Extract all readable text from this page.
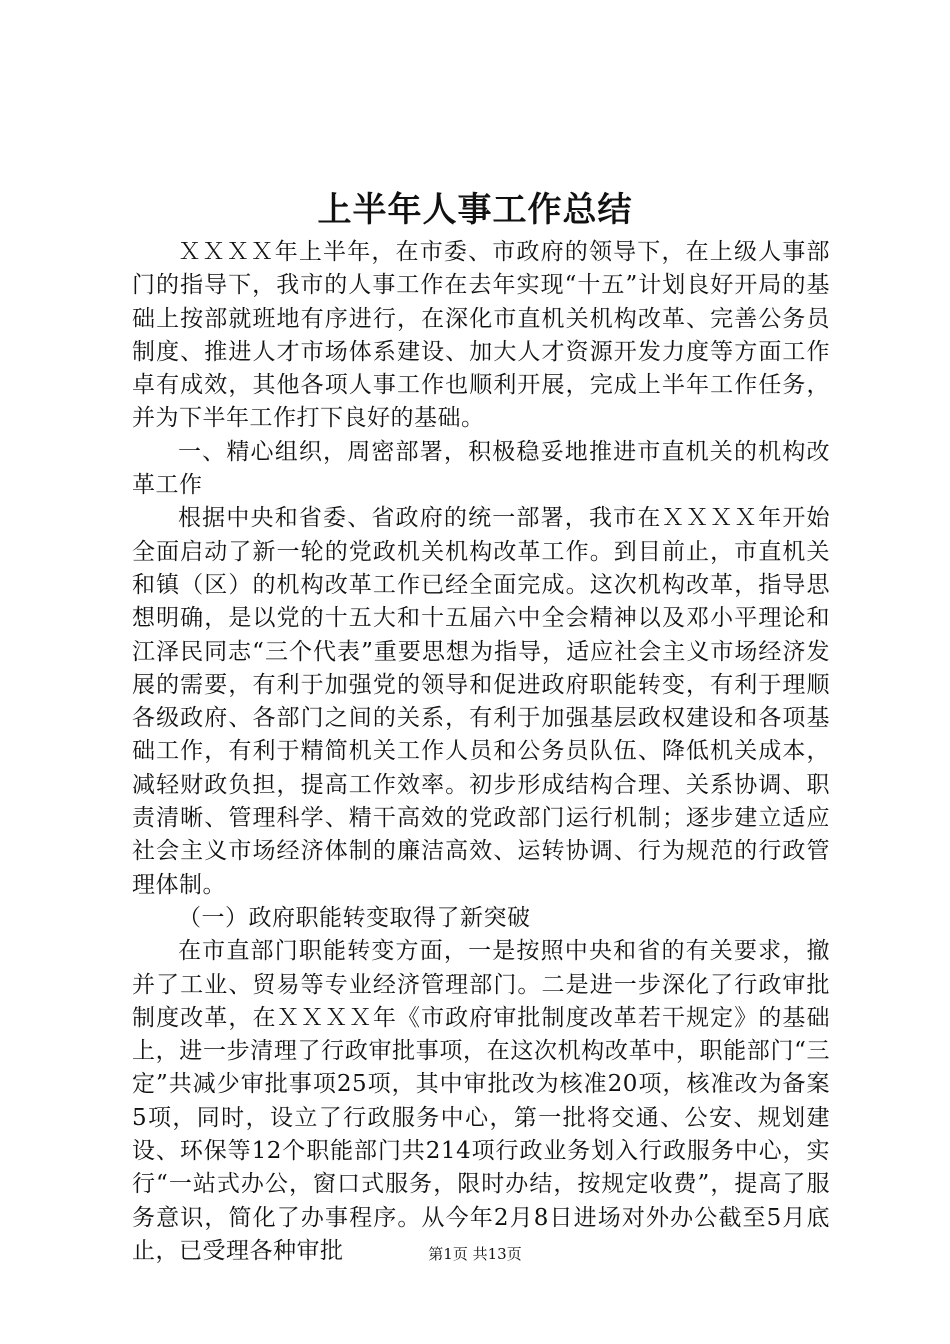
上半年人事工作总结

ＸＸＸＸ年上半年，在市委、市政府的领导下，在上级人事部门的指导下，我市的人事工作在去年实现“十五”计划良好开局的基础上按部就班地有序进行，在深化市直机关机构改革、完善公务员制度、推进人才市场体系建设、加大人才资源开发力度等方面工作卓有成效，其他各项人事工作也顺利开展，完成上半年工作任务，并为下半年工作打下良好的基础。

一、精心组织，周密部署，积极稳妥地推进市直机关的机构改革工作

根据中央和省委、省政府的统一部署，我市在ＸＸＸＸ年开始全面启动了新一轮的党政机关机构改革工作。到目前止，市直机关和镇（区）的机构改革工作已经全面完成。这次机构改革，指导思想明确，是以党的十五大和十五届六中全会精神以及邓小平理论和江泽民同志“三个代表”重要思想为指导，适应社会主义市场经济发展的需要，有利于加强党的领导和促进政府职能转变，有利于理顺各级政府、各部门之间的关系，有利于加强基层政权建设和各项基础工作，有利于精简机关工作人员和公务员队伍、降低机关成本，减轻财政负担，提高工作效率。初步形成结构合理、关系协调、职责清晰、管理科学、精干高效的党政部门运行机制；逐步建立适应社会主义市场经济体制的廉洁高效、运转协调、行为规范的行政管理体制。

（一）政府职能转变取得了新突破

在市直部门职能转变方面，一是按照中央和省的有关要求，撤并了工业、贸易等专业经济管理部门。二是进一步深化了行政审批制度改革，在ＸＸＸＸ年《市政府审批制度改革若干规定》的基础上，进一步清理了行政审批事项，在这次机构改革中，职能部门“三定”共减少审批事项25项，其中审批改为核准20项，核准改为备案5项，同时，设立了行政服务中心，第一批将交通、公安、规划建设、环保等12个职能部门共214项行政业务划入行政服务中心，实行“一站式办公，窗口式服务，限时办结，按规定收费”，提高了服务意识，简化了办事程序。从今年2月8日进场对外办公截至5月底止，已受理各种审批	第1页 共13页
